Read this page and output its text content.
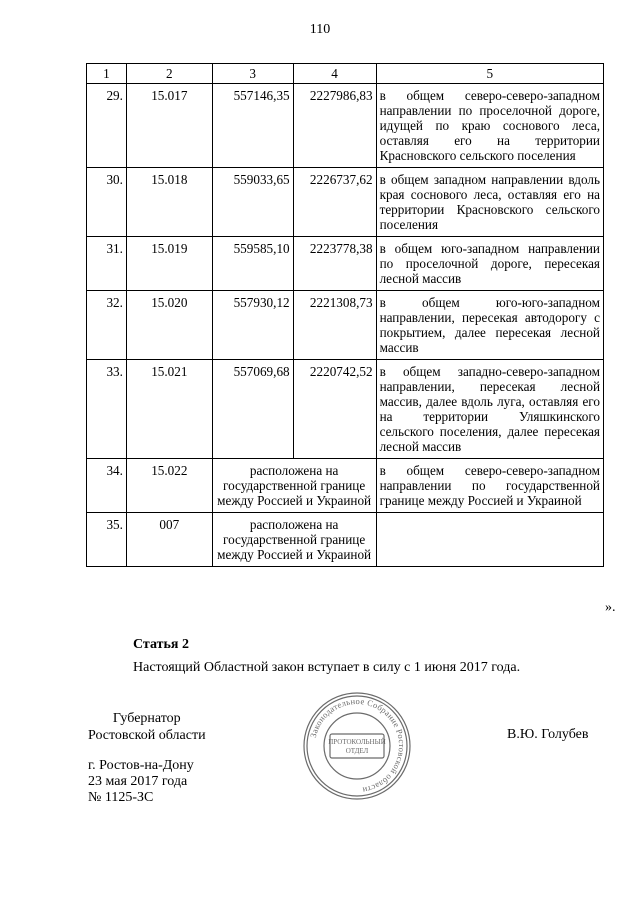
110
1	2	3	4	5
29.	15.017	557146,35	2227986,83	в общем северо-северо-западном направлении по проселочной дороге, идущей по краю соснового леса, оставляя его на территории Красновского сельского поселения
30.	15.018	559033,65	2226737,62	в общем западном направлении вдоль края соснового леса, оставляя его на территории Красновского сельского поселения
31.	15.019	559585,10	2223778,38	в общем юго-западном направлении по проселочной дороге, пересекая лесной массив
32.	15.020	557930,12	2221308,73	в общем юго-юго-западном направлении, пересекая автодорогу с покрытием, далее пересекая лесной массив
33.	15.021	557069,68	2220742,52	в общем западно-северо-западном направлении, пересекая лесной массив, далее вдоль луга, оставляя его на территории Уляшкинского сельского поселения, далее пересекая лесной массив
34.	15.022	расположена на государственной границе между Россией и Украиной		в общем северо-северо-западном направлении по государственной границе между Россией и Украиной
35.	007	расположена на государственной границе между Россией и Украиной		
».
Статья 2
Настоящий Областной закон вступает в силу с 1 июня 2017 года.
Губернатор
Ростовской области	В.Ю. Голубев
г. Ростов-на-Дону
23 мая 2017 года
№ 1125-ЗС
Законодательное Собрание Ростовской области
ПРОТОКОЛЬНЫЙ
ОТДЕЛ
